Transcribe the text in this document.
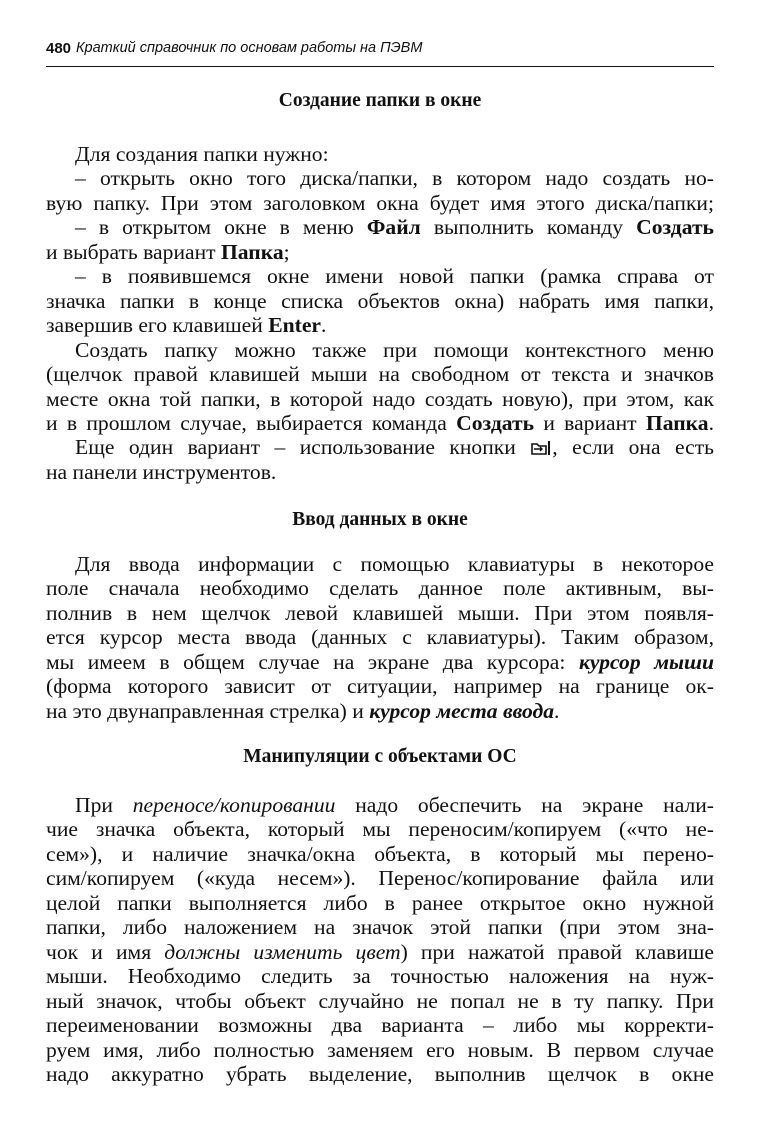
480 Краткий справочник по основам работы на ПЭВМ
Создание папки в окне
Для создания папки нужно:
– открыть окно того диска/папки, в котором надо создать но-
вую папку. При этом заголовком окна будет имя этого диска/папки;
– в открытом окне в меню Файл выполнить команду Создать
и выбрать вариант Папка;
– в появившемся окне имени новой папки (рамка справа от
значка папки в конце списка объектов окна) набрать имя папки,
завершив его клавишей Enter.
Создать папку можно также при помощи контекстного меню
(щелчок правой клавишей мыши на свободном от текста и значков
месте окна той папки, в которой надо создать новую), при этом, как
и в прошлом случае, выбирается команда Создать и вариант Папка.
Еще один вариант – использование кнопки , если она есть
на панели инструментов.
Ввод данных в окне
Для ввода информации с помощью клавиатуры в некоторое
поле сначала необходимо сделать данное поле активным, вы-
полнив в нем щелчок левой клавишей мыши. При этом появля-
ется курсор места ввода (данных с клавиатуры). Таким образом,
мы имеем в общем случае на экране два курсора: курсор мыши
(форма которого зависит от ситуации, например на границе ок-
на это двунаправленная стрелка) и курсор места ввода.
Манипуляции с объектами ОС
При переносе/копировании надо обеспечить на экране нали-
чие значка объекта, который мы переносим/копируем («что не-
сем»), и наличие значка/окна объекта, в который мы перено-
сим/копируем («куда несем»). Перенос/копирование файла или
целой папки выполняется либо в ранее открытое окно нужной
папки, либо наложением на значок этой папки (при этом зна-
чок и имя должны изменить цвет) при нажатой правой клавише
мыши. Необходимо следить за точностью наложения на нуж-
ный значок, чтобы объект случайно не попал не в ту папку. При
переименовании возможны два варианта – либо мы корректи-
руем имя, либо полностью заменяем его новым. В первом случае
надо аккуратно убрать выделение, выполнив щелчок в окне
